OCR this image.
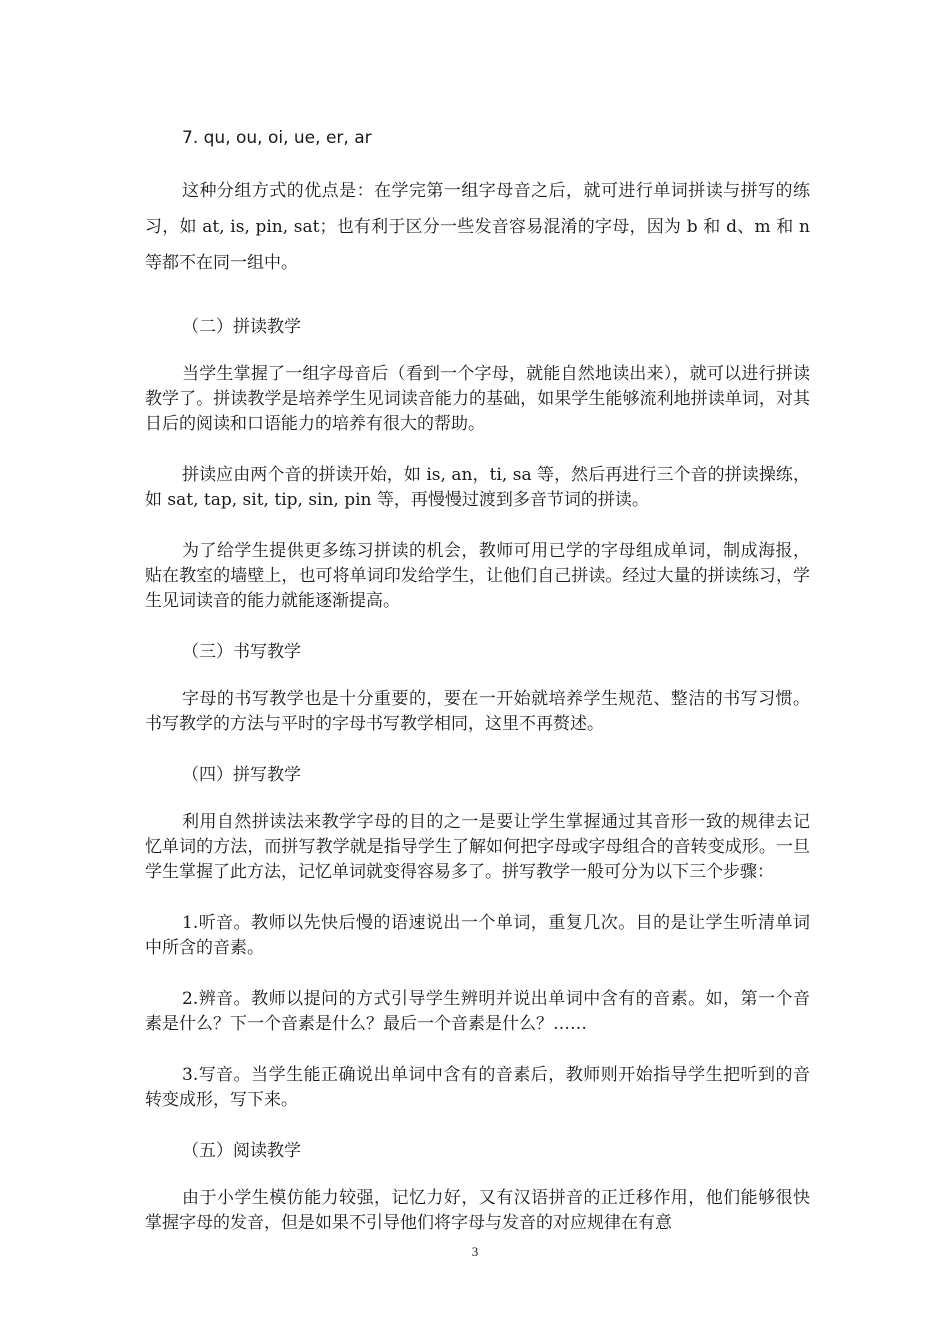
7. qu, ou, oi, ue, er, ar

这种分组方式的优点是：在学完第一组字母音之后，就可进行单词拼读与拼写的练习，如 at, is, pin, sat；也有利于区分一些发音容易混淆的字母，因为 b 和 d、m 和 n 等都不在同一组中。

（二）拼读教学

当学生掌握了一组字母音后（看到一个字母，就能自然地读出来），就可以进行拼读教学了。拼读教学是培养学生见词读音能力的基础，如果学生能够流利地拼读单词，对其日后的阅读和口语能力的培养有很大的帮助。

拼读应由两个音的拼读开始，如 is, an，ti, sa 等，然后再进行三个音的拼读操练，如 sat, tap, sit, tip, sin, pin 等，再慢慢过渡到多音节词的拼读。

为了给学生提供更多练习拼读的机会，教师可用已学的字母组成单词，制成海报，贴在教室的墙壁上，也可将单词印发给学生，让他们自己拼读。经过大量的拼读练习，学生见词读音的能力就能逐渐提高。

（三）书写教学

字母的书写教学也是十分重要的，要在一开始就培养学生规范、整洁的书写习惯。书写教学的方法与平时的字母书写教学相同，这里不再赘述。

（四）拼写教学

利用自然拼读法来教学字母的目的之一是要让学生掌握通过其音形一致的规律去记忆单词的方法，而拼写教学就是指导学生了解如何把字母或字母组合的音转变成形。一旦学生掌握了此方法，记忆单词就变得容易多了。拼写教学一般可分为以下三个步骤：

1.听音。教师以先快后慢的语速说出一个单词，重复几次。目的是让学生听清单词中所含的音素。

2.辨音。教师以提问的方式引导学生辨明并说出单词中含有的音素。如，第一个音素是什么？下一个音素是什么？最后一个音素是什么？……

3.写音。当学生能正确说出单词中含有的音素后，教师则开始指导学生把听到的音转变成形，写下来。

（五）阅读教学

由于小学生模仿能力较强，记忆力好，又有汉语拼音的正迁移作用，他们能够很快掌握字母的发音，但是如果不引导他们将字母与发音的对应规律在有意

3
